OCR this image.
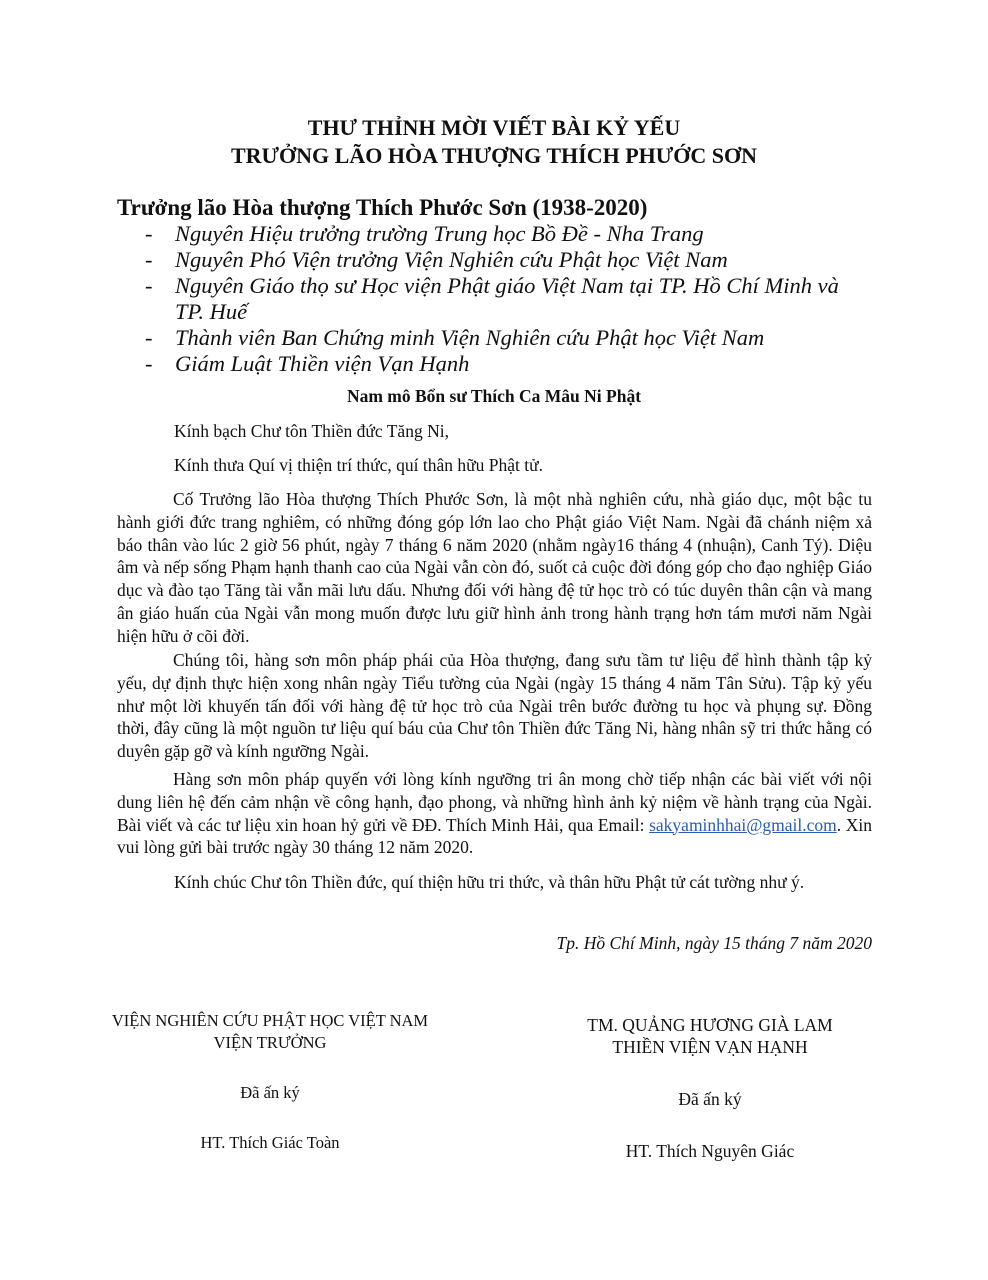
THƯ THỈNH MỜI VIẾT BÀI KỶ YẾU
TRƯỞNG LÃO HÒA THƯỢNG THÍCH PHƯỚC SƠN
Trưởng lão Hòa thượng Thích Phước Sơn (1938-2020)
- Nguyên Hiệu trưởng trường Trung học Bồ Đề - Nha Trang
- Nguyên Phó Viện trưởng Viện Nghiên cứu Phật học Việt Nam
- Nguyên Giáo thọ sư Học viện Phật giáo Việt Nam tại TP. Hồ Chí Minh và TP. Huế
- Thành viên Ban Chứng minh Viện Nghiên cứu Phật học Việt Nam
- Giám Luật Thiền viện Vạn Hạnh
Nam mô Bổn sư Thích Ca Mâu Ni Phật
Kính bạch Chư tôn Thiền đức Tăng Ni,
Kính thưa Quí vị thiện trí thức, quí thân hữu Phật tử.

Cố Trưởng lão Hòa thượng Thích Phước Sơn, là một nhà nghiên cứu, nhà giáo dục, một bậc tu hành giới đức trang nghiêm, có những đóng góp lớn lao cho Phật giáo Việt Nam. Ngài đã chánh niệm xả báo thân vào lúc 2 giờ 56 phút, ngày 7 tháng 6 năm 2020 (nhằm ngày16 tháng 4 (nhuận), Canh Tý). Diệu âm và nếp sống Phạm hạnh thanh cao của Ngài vẫn còn đó, suốt cả cuộc đời đóng góp cho đạo nghiệp Giáo dục và đào tạo Tăng tài vẫn mãi lưu dấu. Nhưng đối với hàng đệ tử học trò có túc duyên thân cận và mang ân giáo huấn của Ngài vẫn mong muốn được lưu giữ hình ảnh trong hành trạng hơn tám mươi năm Ngài hiện hữu ở cõi đời.

Chúng tôi, hàng sơn môn pháp phái của Hòa thượng, đang sưu tầm tư liệu để hình thành tập kỷ yếu, dự định thực hiện xong nhân ngày Tiểu tường của Ngài (ngày 15 tháng 4 năm Tân Sửu). Tập kỷ yếu như một lời khuyến tấn đối với hàng đệ tử học trò của Ngài trên bước đường tu học và phụng sự. Đồng thời, đây cũng là một nguồn tư liệu quí báu của Chư tôn Thiền đức Tăng Ni, hàng nhân sỹ tri thức hằng có duyên gặp gỡ và kính ngưỡng Ngài.

Hàng sơn môn pháp quyến với lòng kính ngưỡng tri ân mong chờ tiếp nhận các bài viết với nội dung liên hệ đến cảm nhận về công hạnh, đạo phong, và những hình ảnh kỷ niệm về hành trạng của Ngài. Bài viết và các tư liệu xin hoan hỷ gửi về ĐĐ. Thích Minh Hải, qua Email: sakyaminhhai@gmail.com. Xin vui lòng gửi bài trước ngày 30 tháng 12 năm 2020.

Kính chúc Chư tôn Thiền đức, quí thiện hữu tri thức, và thân hữu Phật tử cát tường như ý.
Tp. Hồ Chí Minh, ngày 15 tháng 7 năm 2020
VIỆN NGHIÊN CỨU PHẬT HỌC VIỆT NAM
VIỆN TRƯỞNG
Đã ấn ký
HT. Thích Giác Toàn
TM. QUẢNG HƯƠNG GIÀ LAM
THIỀN VIỆN VẠN HẠNH
Đã ấn ký
HT. Thích Nguyên Giác
